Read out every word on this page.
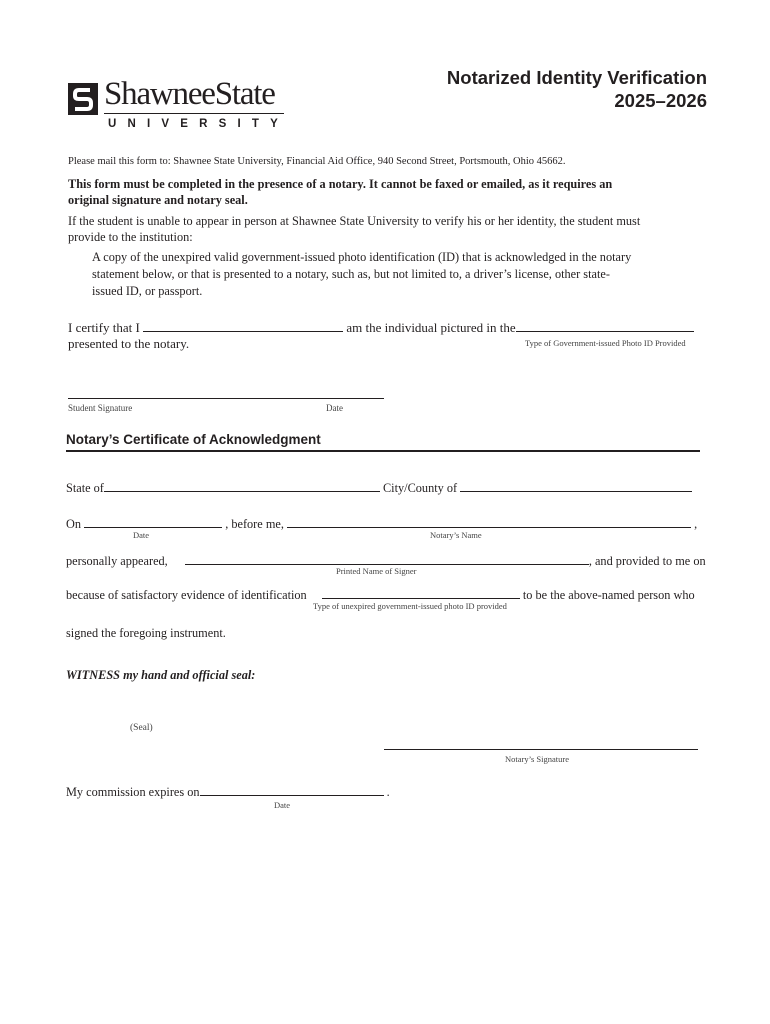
ShawneeState
UNIVERSITY
Notarized Identity Verification
2025–2026
Please mail this form to: Shawnee State University, Financial Aid Office, 940 Second Street, Portsmouth, Ohio 45662.
This form must be completed in the presence of a notary. It cannot be faxed or emailed, as it requires an
original signature and notary seal.
If the student is unable to appear in person at Shawnee State University to verify his or her identity, the student must
provide to the institution:
A copy of the unexpired valid government-issued photo identification (ID) that is acknowledged in the notary
statement below, or that is presented to a notary, such as, but not limited to, a driver’s license, other state-
issued ID, or passport.
I certify that I	am the individual pictured in the
presented to the notary.	Type of Government-issued Photo ID Provided
Student Signature	Date
Notary’s Certificate of Acknowledgment
State of	City/County of
On	, before me,	,
Date	Notary’s Name
personally appeared,	, and provided to me on
Printed Name of Signer
because of satisfactory evidence of identification	to be the above-named person who
Type of unexpired government-issued photo ID provided
signed the foregoing instrument.
WITNESS my hand and official seal:
(Seal)
Notary’s Signature
My commission expires on	.
Date
